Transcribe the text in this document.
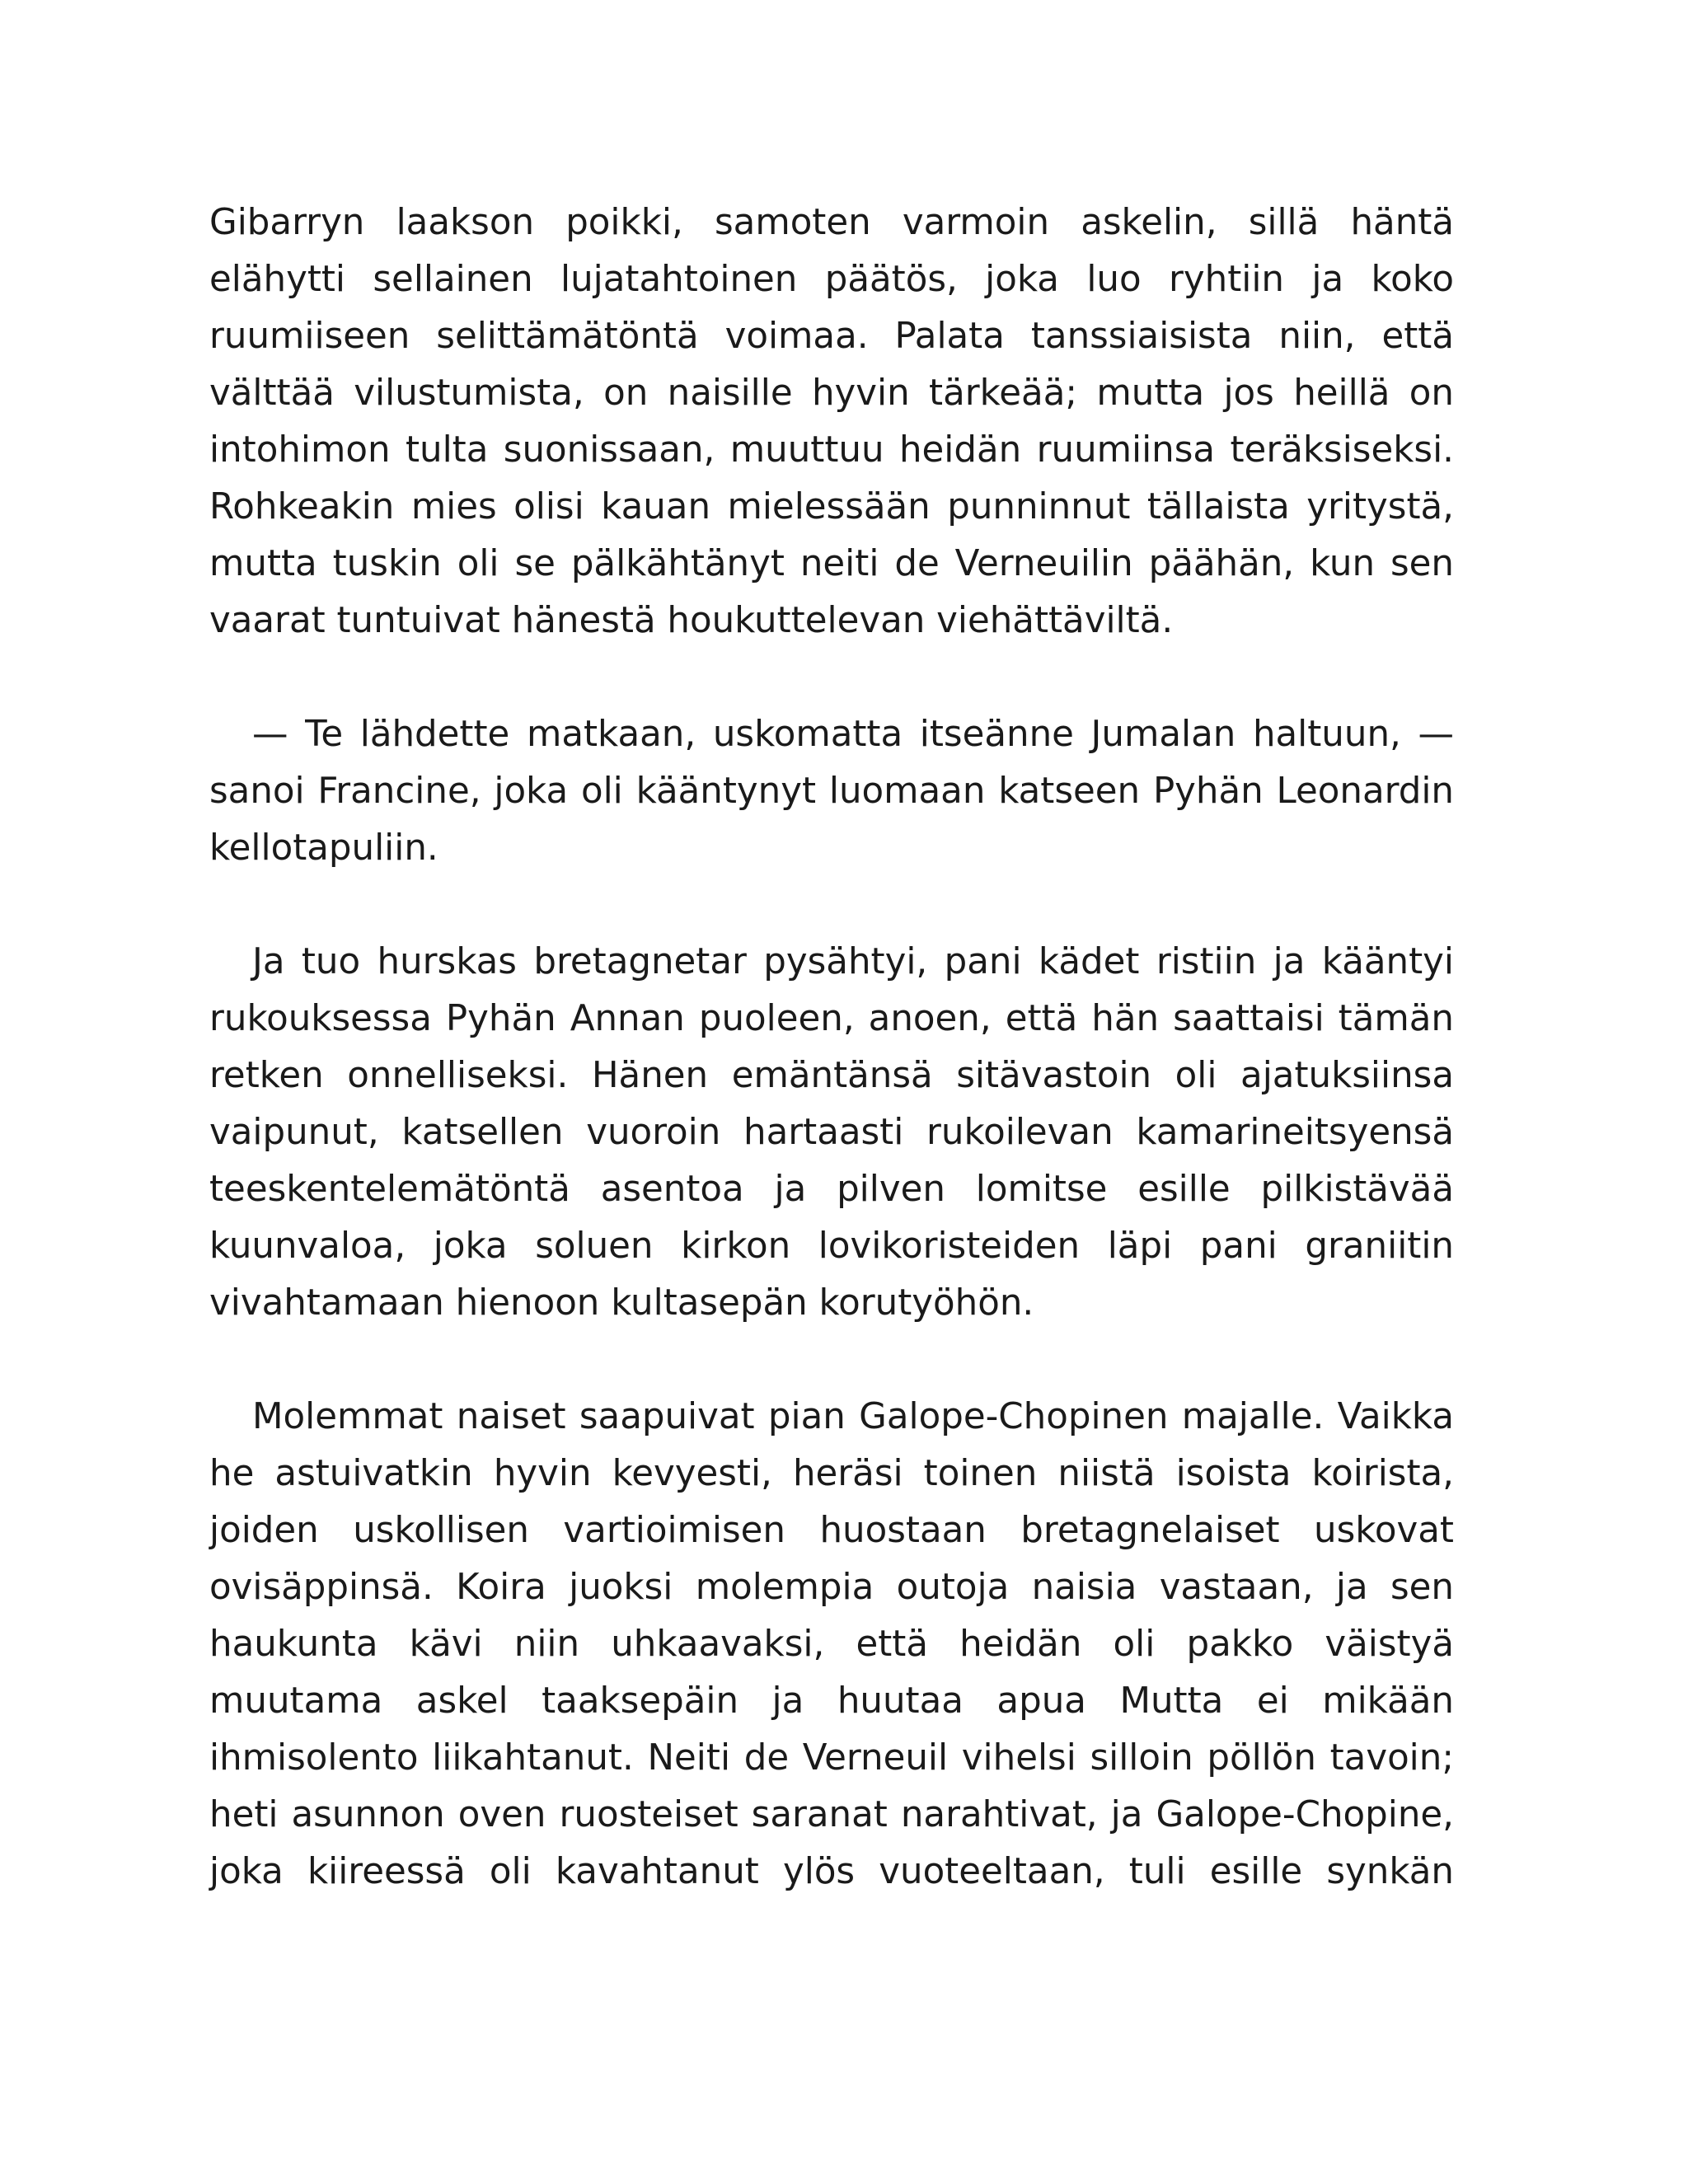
Gibarryn laakson poikki, samoten varmoin askelin, sillä häntä elähytti sellainen lujatahtoinen päätös, joka luo ryhtiin ja koko ruumiiseen selittämätöntä voimaa. Palata tanssiaisista niin, että välttää vilustumista, on naisille hyvin tärkeää; mutta jos heillä on intohimon tulta suonissaan, muuttuu heidän ruumiinsa teräksiseksi. Rohkeakin mies olisi kauan mielessään punninnut tällaista yritystä, mutta tuskin oli se pälkähtänyt neiti de Verneuilin päähän, kun sen vaarat tuntuivat hänestä houkuttelevan viehättäviltä.

— Te lähdette matkaan, uskomatta itseänne Jumalan haltuun, — sanoi Francine, joka oli kääntynyt luomaan katseen Pyhän Leonardin kellotapuliin.

Ja tuo hurskas bretagnetar pysähtyi, pani kädet ristiin ja kääntyi rukouksessa Pyhän Annan puoleen, anoen, että hän saattaisi tämän retken onnelliseksi. Hänen emäntänsä sitävastoin oli ajatuksiinsa vaipunut, katsellen vuoroin hartaasti rukoilevan kamarineitsyensä teeskentelemätöntä asentoa ja pilven lomitse esille pilkistävää kuunvaloa, joka soluen kirkon lovikoristeiden läpi pani graniitin vivahtamaan hienoon kultasepän korutyöhön.

Molemmat naiset saapuivat pian Galope-Chopinen majalle. Vaikka he astuivatkin hyvin kevyesti, heräsi toinen niistä isoista koirista, joiden uskollisen vartioimisen huostaan bretagnelaiset uskovat ovisäppinsä. Koira juoksi molempia outoja naisia vastaan, ja sen haukunta kävi niin uhkaavaksi, että heidän oli pakko väistyä muutama askel taaksepäin ja huutaa apua Mutta ei mikään ihmisolento liikahtanut. Neiti de Verneuil vihelsi silloin pöllön tavoin; heti asunnon oven ruosteiset saranat narahtivat, ja Galope-Chopine, joka kiireessä oli kavahtanut ylös vuoteeltaan, tuli esille synkän
